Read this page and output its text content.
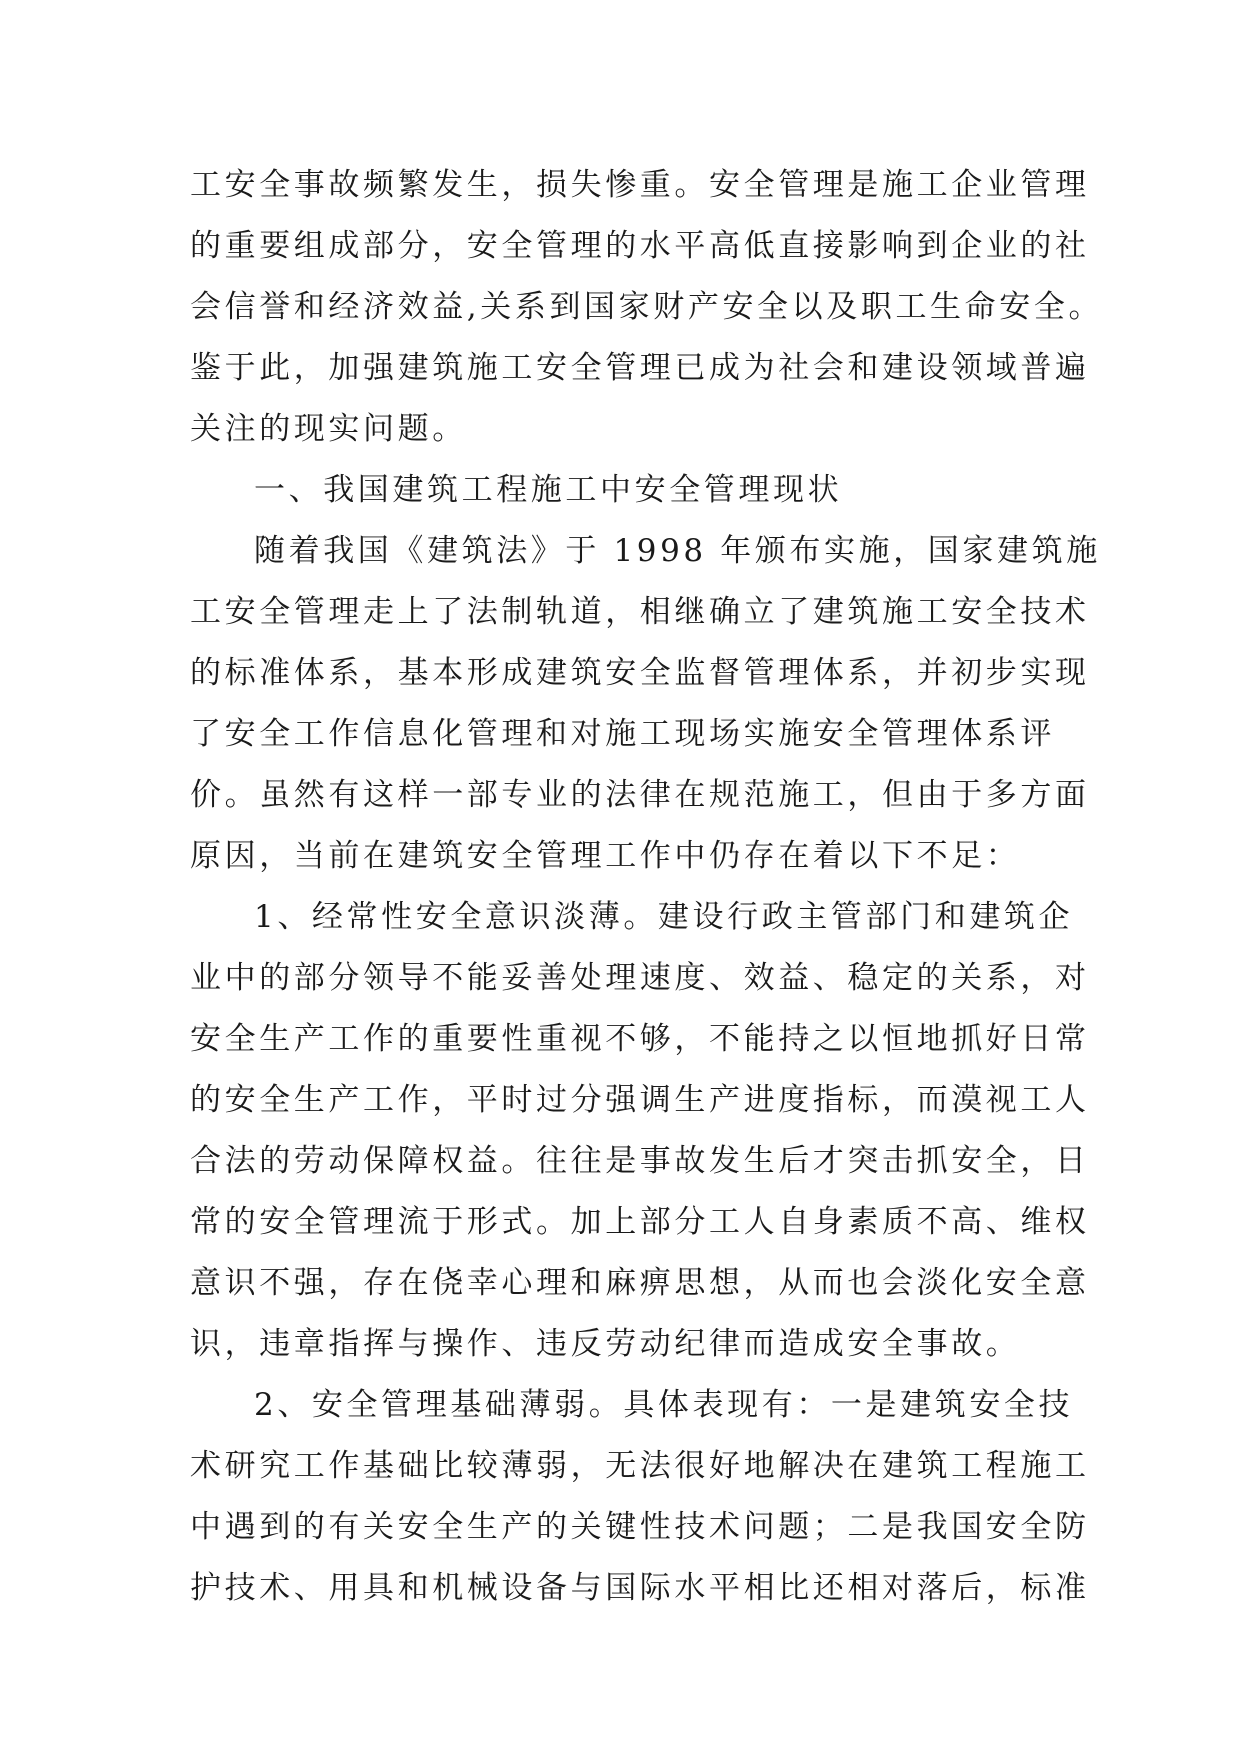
工安全事故频繁发生，损失惨重。安全管理是施工企业管理
的重要组成部分，安全管理的水平高低直接影响到企业的社
会信誉和经济效益,关系到国家财产安全以及职工生命安全。
鉴于此，加强建筑施工安全管理已成为社会和建设领域普遍
关注的现实问题。
一、我国建筑工程施工中安全管理现状
随着我国《建筑法》于 1998 年颁布实施，国家建筑施
工安全管理走上了法制轨道，相继确立了建筑施工安全技术
的标准体系，基本形成建筑安全监督管理体系，并初步实现
了安全工作信息化管理和对施工现场实施安全管理体系评
价。虽然有这样一部专业的法律在规范施工，但由于多方面
原因，当前在建筑安全管理工作中仍存在着以下不足：
1、经常性安全意识淡薄。建设行政主管部门和建筑企
业中的部分领导不能妥善处理速度、效益、稳定的关系，对
安全生产工作的重要性重视不够，不能持之以恒地抓好日常
的安全生产工作，平时过分强调生产进度指标，而漠视工人
合法的劳动保障权益。往往是事故发生后才突击抓安全，日
常的安全管理流于形式。加上部分工人自身素质不高、维权
意识不强，存在侥幸心理和麻痹思想，从而也会淡化安全意
识，违章指挥与操作、违反劳动纪律而造成安全事故。
2、安全管理基础薄弱。具体表现有：一是建筑安全技
术研究工作基础比较薄弱，无法很好地解决在建筑工程施工
中遇到的有关安全生产的关键性技术问题；二是我国安全防
护技术、用具和机械设备与国际水平相比还相对落后，标准
